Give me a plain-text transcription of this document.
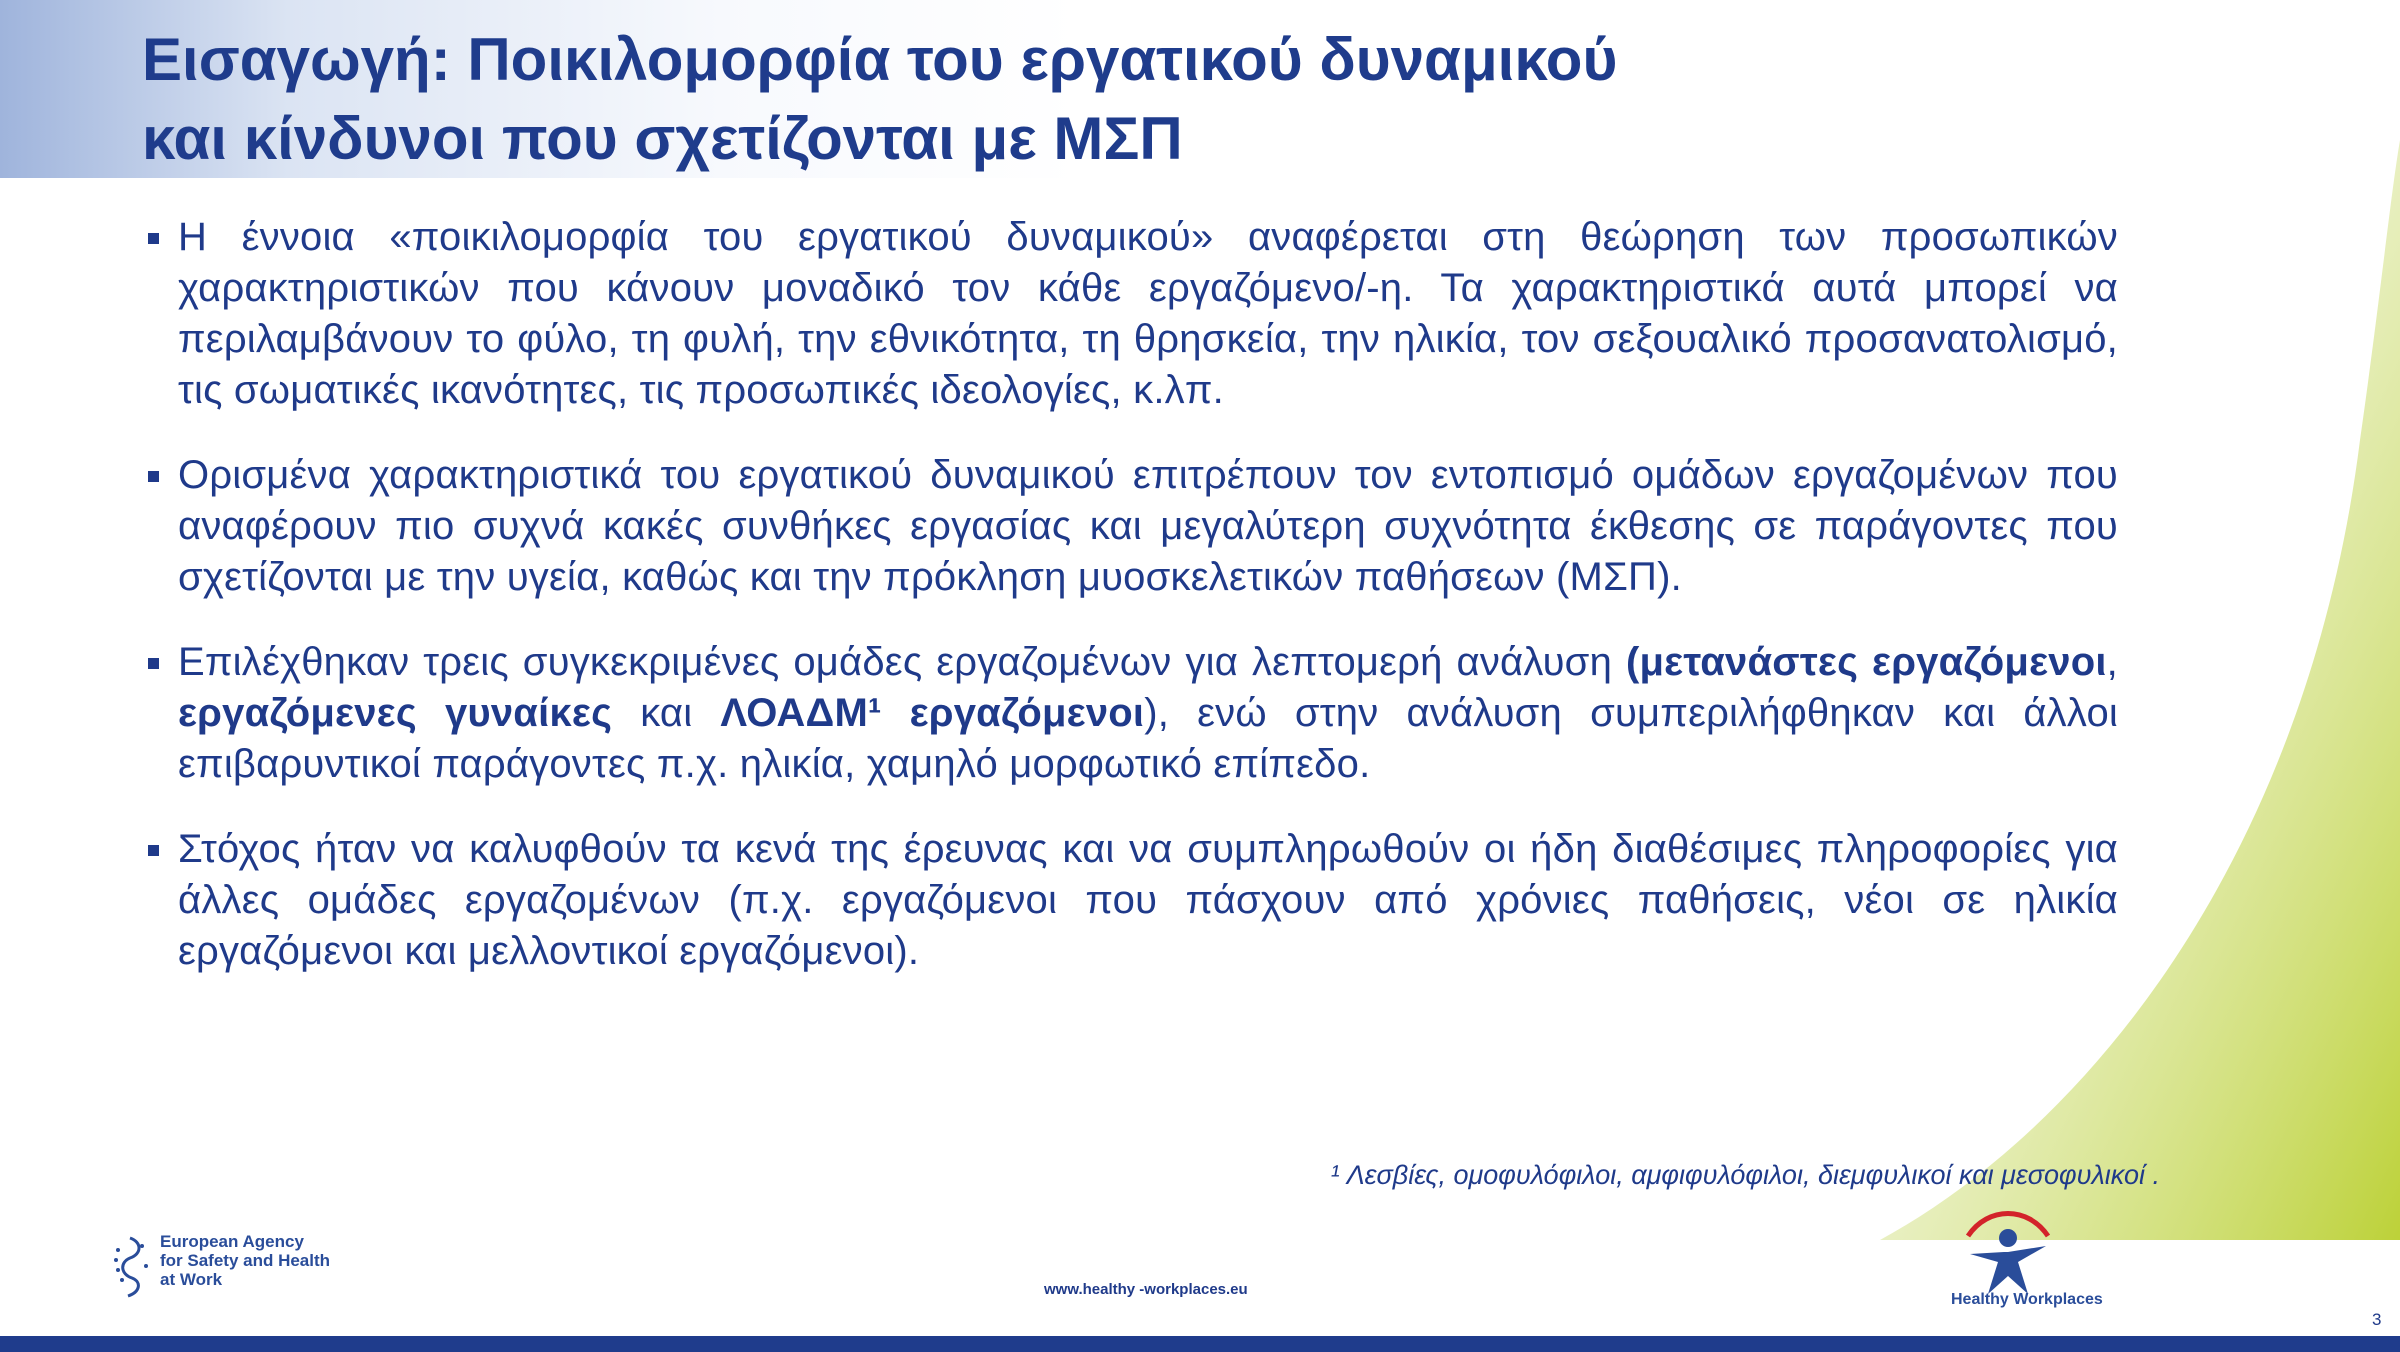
Εισαγωγή: Ποικιλομορφία του εργατικού δυναμικού
και κίνδυνοι που σχετίζονται με ΜΣΠ
Η έννοια «ποικιλομορφία του εργατικού δυναμικού» αναφέρεται στη θεώρηση των προσωπικών χαρακτηριστικών που κάνουν μοναδικό τον κάθε εργαζόμενο/-η. Τα χαρακτηριστικά αυτά μπορεί να περιλαμβάνουν το φύλο, τη φυλή, την εθνικότητα, τη θρησκεία, την ηλικία, τον σεξουαλικό προσανατολισμό, τις σωματικές ικανότητες, τις προσωπικές ιδεολογίες, κ.λπ.
Ορισμένα χαρακτηριστικά του εργατικού δυναμικού επιτρέπουν τον εντοπισμό ομάδων εργαζομένων που αναφέρουν πιο συχνά κακές συνθήκες εργασίας και μεγαλύτερη συχνότητα έκθεσης σε παράγοντες που σχετίζονται με την υγεία, καθώς και την πρόκληση μυοσκελετικών παθήσεων (ΜΣΠ).
Επιλέχθηκαν τρεις συγκεκριμένες ομάδες εργαζομένων για λεπτομερή ανάλυση (μετανάστες εργαζόμενοι, εργαζόμενες γυναίκες και ΛΟΑΔΜ¹ εργαζόμενοι), ενώ στην ανάλυση συμπεριλήφθηκαν και άλλοι επιβαρυντικοί παράγοντες π.χ. ηλικία, χαμηλό μορφωτικό επίπεδο.
Στόχος ήταν να καλυφθούν τα κενά της έρευνας και να συμπληρωθούν οι ήδη διαθέσιμες πληροφορίες για άλλες ομάδες εργαζομένων (π.χ. εργαζόμενοι που πάσχουν από χρόνιες παθήσεις, νέοι σε ηλικία εργαζόμενοι και μελλοντικοί εργαζόμενοι).
¹ Λεσβίες, ομοφυλόφιλοι, αμφιφυλόφιλοι, διεμφυλικοί και μεσοφυλικοί .
European Agency
for Safety and Health
at Work
www.healthy -workplaces.eu
Healthy Workplaces
3
